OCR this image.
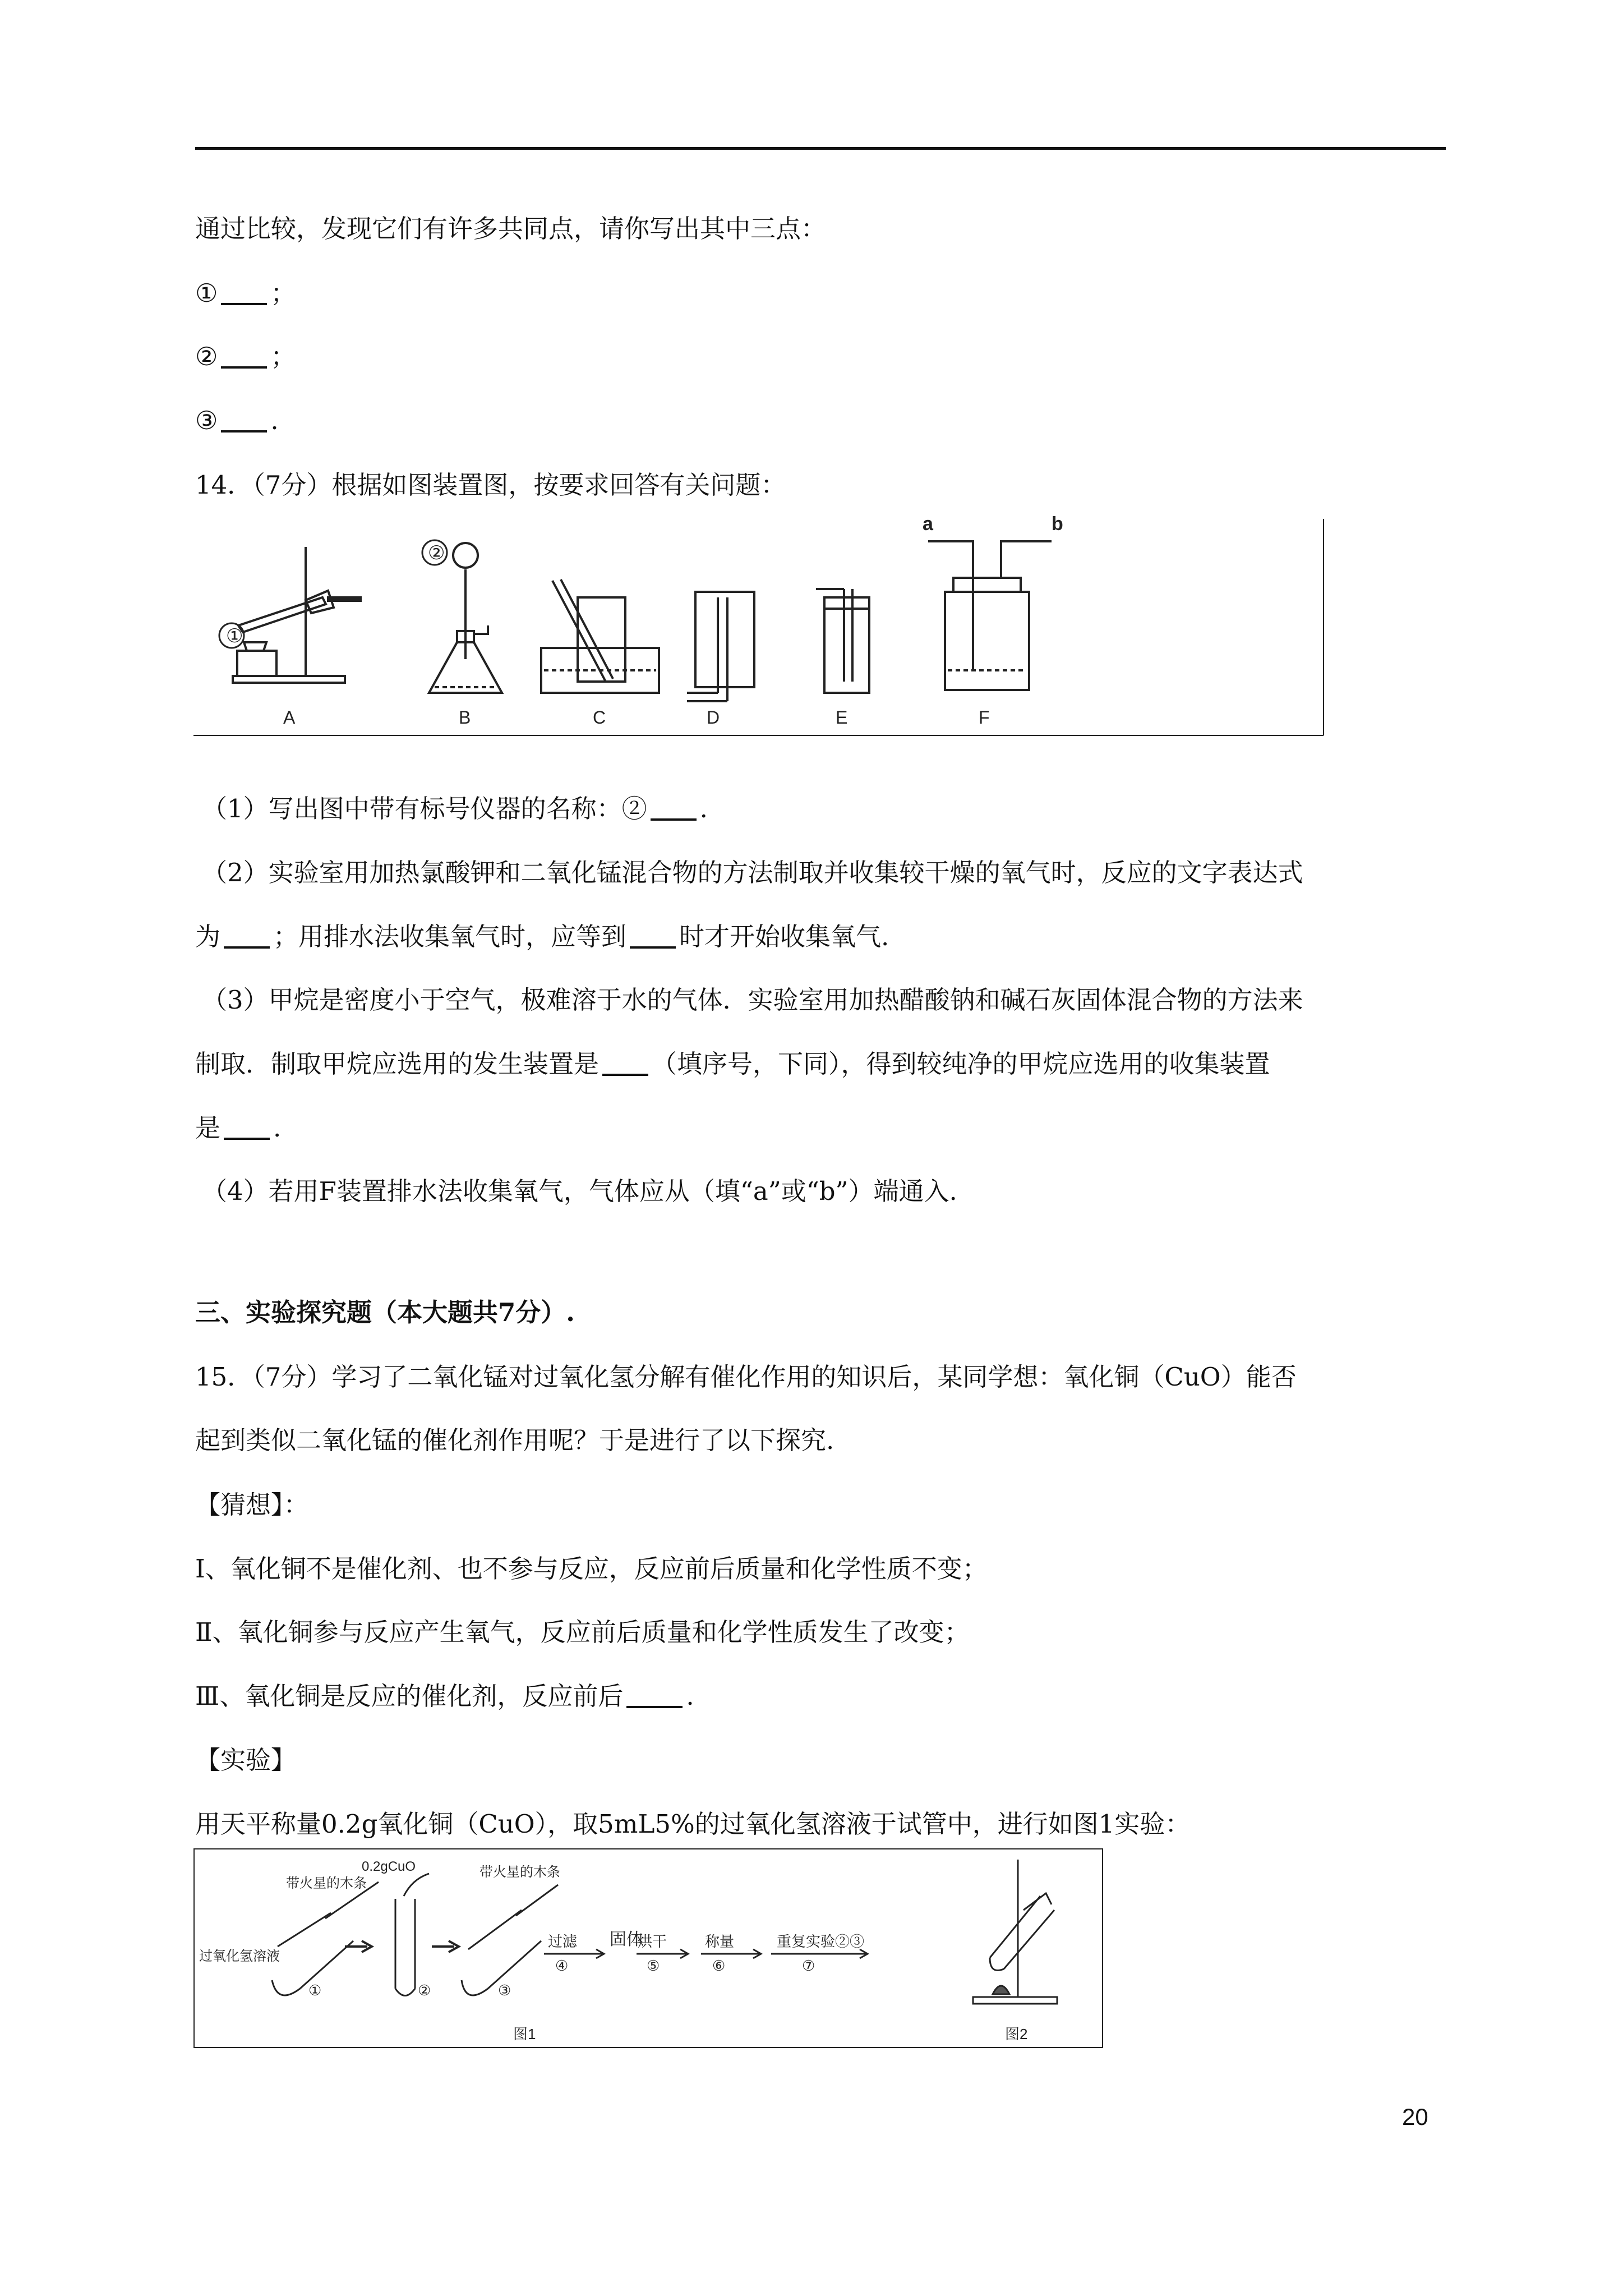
通过比较，发现它们有许多共同点，请你写出其中三点：
① ；
② ；
③ .
14．（7分）根据如图装置图，按要求回答有关问题：
①
②
a	b
A	B	C	D	E	F
（1）写出图中带有标号仪器的名称：② .
（2）实验室用加热氯酸钾和二氧化锰混合物的方法制取并收集较干燥的氧气时，反应的文字表达式
为 ；用排水法收集氧气时，应等到 时才开始收集氧气.
（3）甲烷是密度小于空气，极难溶于水的气体．实验室用加热醋酸钠和碱石灰固体混合物的方法来
制取．制取甲烷应选用的发生装置是 （填序号，下同），得到较纯净的甲烷应选用的收集装置
是 .
（4）若用F装置排水法收集氧气，气体应从（填“a”或“b”）端通入.
三、实验探究题（本大题共7分）.
15．（7分）学习了二氧化锰对过氧化氢分解有催化作用的知识后，某同学想：氧化铜（CuO）能否
起到类似二氧化锰的催化剂作用呢？于是进行了以下探究.
【猜想】：
Ⅰ、氧化铜不是催化剂、也不参与反应，反应前后质量和化学性质不变；
Ⅱ、氧化铜参与反应产生氧气，反应前后质量和化学性质发生了改变；
Ⅲ、氧化铜是反应的催化剂，反应前后 .
【实验】
用天平称量0.2g氧化铜（CuO），取5mL5%的过氧化氢溶液于试管中，进行如图1实验：
带火星的木条
0.2gCuO	带火星的木条
过氧化氢溶液
①	②	③
过滤
④
固体
烘干
⑤
称量
⑥
重复实验②③
⑦
图1	图2
20
